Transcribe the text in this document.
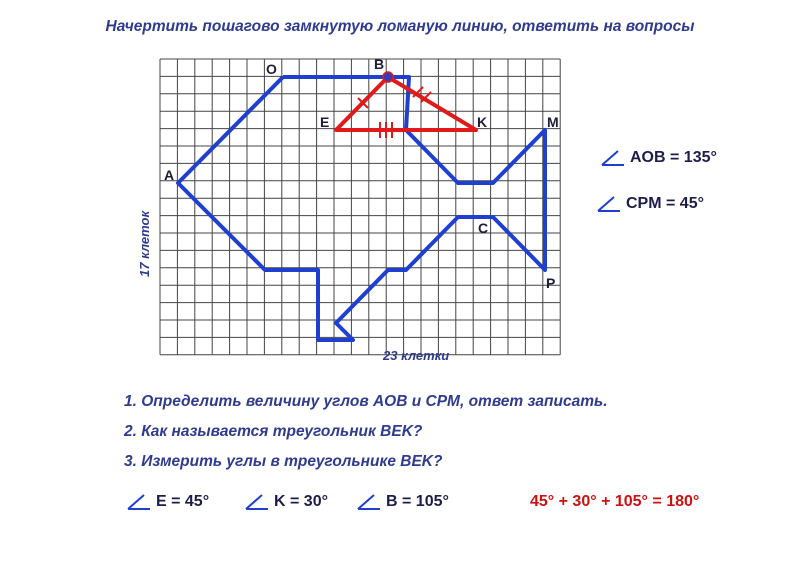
Начертить пошагово замкнутую ломаную линию, ответить на вопросы
O	B
E	K	M
A
C
P
23 клетки
17 клеток
AOB = 135°
CPM = 45°
1. Определить величину углов AOB и CPM, ответ записать.
2. Как называется треугольник BEK?
3. Измерить углы в треугольнике BEK?
E = 45°	K = 30°	B = 105°	45° + 30° + 105° = 180°
